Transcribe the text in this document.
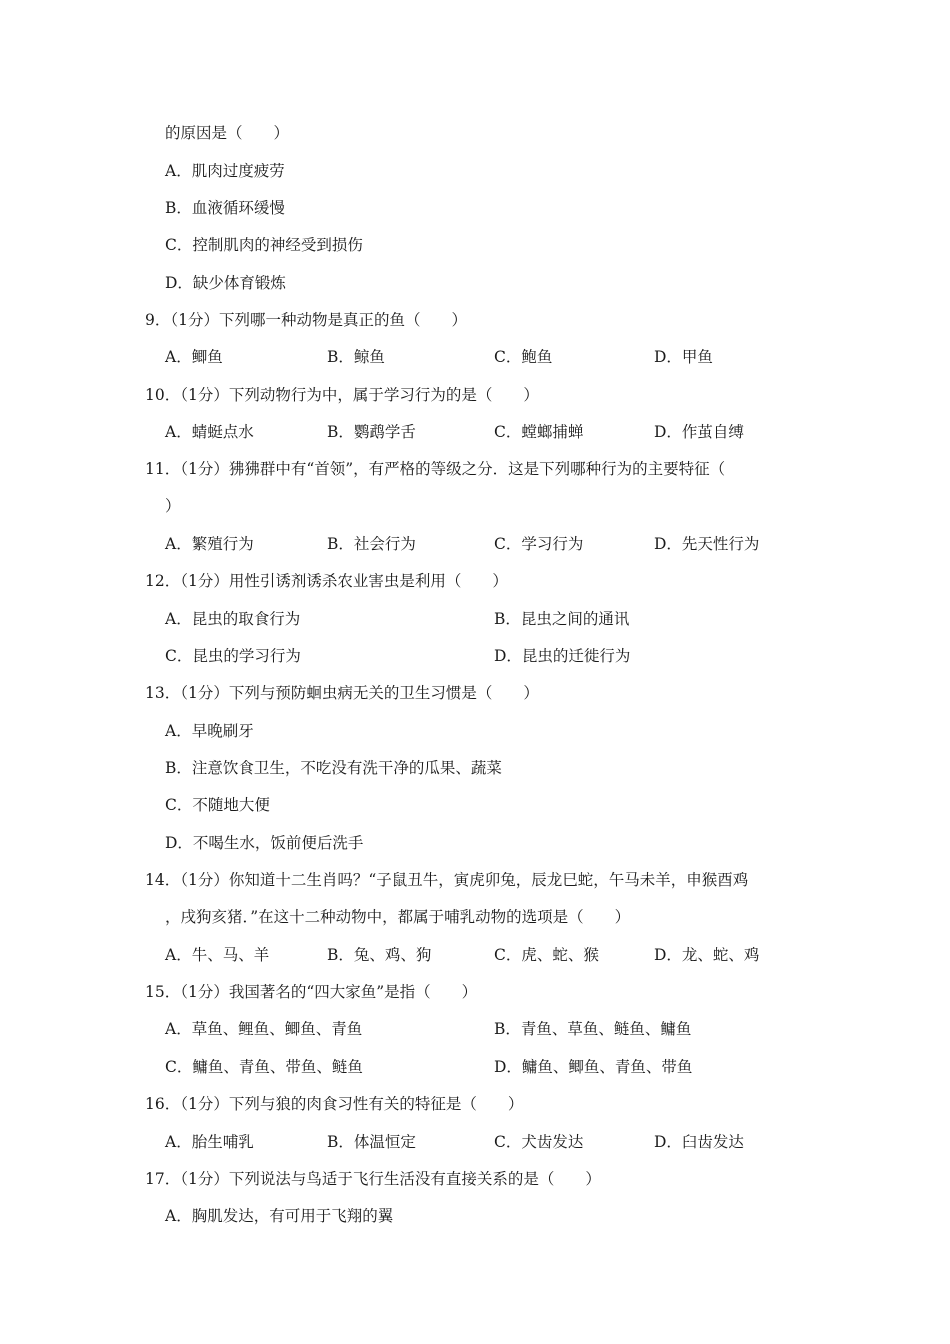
的原因是（　　）
A．肌肉过度疲劳
B．血液循环缓慢
C．控制肌肉的神经受到损伤
D．缺少体育锻炼
9．（1分）下列哪一种动物是真正的鱼（　　）
A．鲫鱼	B．鲸鱼	C．鲍鱼	D．甲鱼
10．（1分）下列动物行为中，属于学习行为的是（　　）
A．蜻蜓点水	B．鹦鹉学舌	C．螳螂捕蝉	D．作茧自缚
11．（1分）狒狒群中有“首领”，有严格的等级之分．这是下列哪种行为的主要特征（
）
A．繁殖行为	B．社会行为	C．学习行为	D．先天性行为
12．（1分）用性引诱剂诱杀农业害虫是利用（　　）
A．昆虫的取食行为	B．昆虫之间的通讯
C．昆虫的学习行为	D．昆虫的迁徙行为
13．（1分）下列与预防蛔虫病无关的卫生习惯是（　　）
A．早晚刷牙
B．注意饮食卫生，不吃没有洗干净的瓜果、蔬菜
C．不随地大便
D．不喝生水，饭前便后洗手
14．（1分）你知道十二生肖吗？“子鼠丑牛，寅虎卯兔，辰龙巳蛇，午马未羊，申猴酉鸡
，戌狗亥猪．”在这十二种动物中，都属于哺乳动物的选项是（　　）
A．牛、马、羊	B．兔、鸡、狗	C．虎、蛇、猴	D．龙、蛇、鸡
15．（1分）我国著名的“四大家鱼”是指（　　）
A．草鱼、鲤鱼、鲫鱼、青鱼	B．青鱼、草鱼、鲢鱼、鳙鱼
C．鳙鱼、青鱼、带鱼、鲢鱼	D．鳙鱼、鲫鱼、青鱼、带鱼
16．（1分）下列与狼的肉食习性有关的特征是（　　）
A．胎生哺乳	B．体温恒定	C．犬齿发达	D．臼齿发达
17．（1分）下列说法与鸟适于飞行生活没有直接关系的是（　　）
A．胸肌发达，有可用于飞翔的翼
